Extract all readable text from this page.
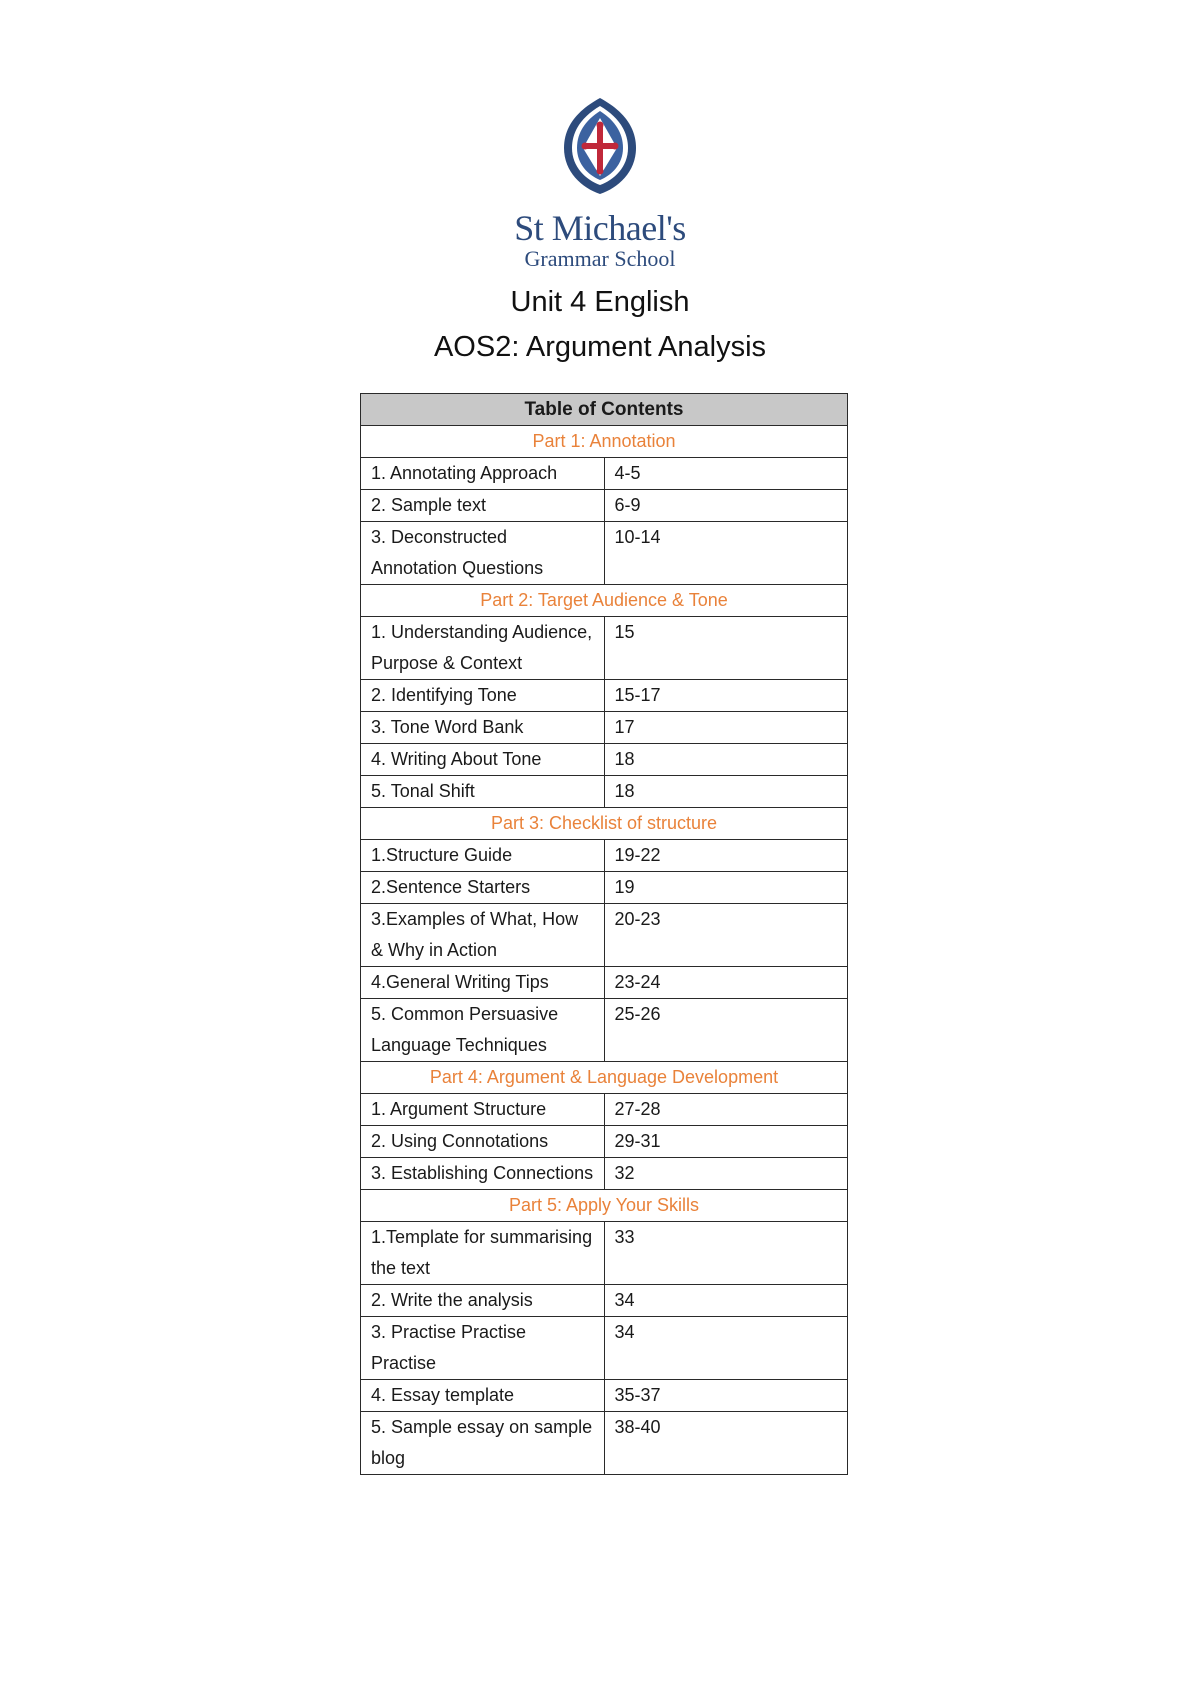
St Michael's
Grammar School
Unit 4 English
AOS2: Argument Analysis
Table of Contents	
Part 1: Annotation	
1. Annotating Approach	4-5
2. Sample text	6-9
3. Deconstructed Annotation Questions	10-14
Part 2: Target Audience & Tone	
1. Understanding Audience, Purpose & Context	15
2. Identifying Tone	15-17
3. Tone Word Bank	17
4. Writing About Tone	18
5. Tonal Shift	18
Part 3: Checklist of structure	
1.Structure Guide	19-22
2.Sentence Starters	19
3.Examples of What, How & Why in Action	20-23
4.General Writing Tips	23-24
5. Common Persuasive Language Techniques	25-26
Part 4: Argument & Language Development	
1. Argument Structure	27-28
2. Using Connotations	29-31
3. Establishing Connections	32
Part 5: Apply Your Skills	
1.Template for summarising the text	33
2. Write the analysis	34
3. Practise Practise Practise	34
4. Essay template	35-37
5. Sample essay on sample blog	38-40
